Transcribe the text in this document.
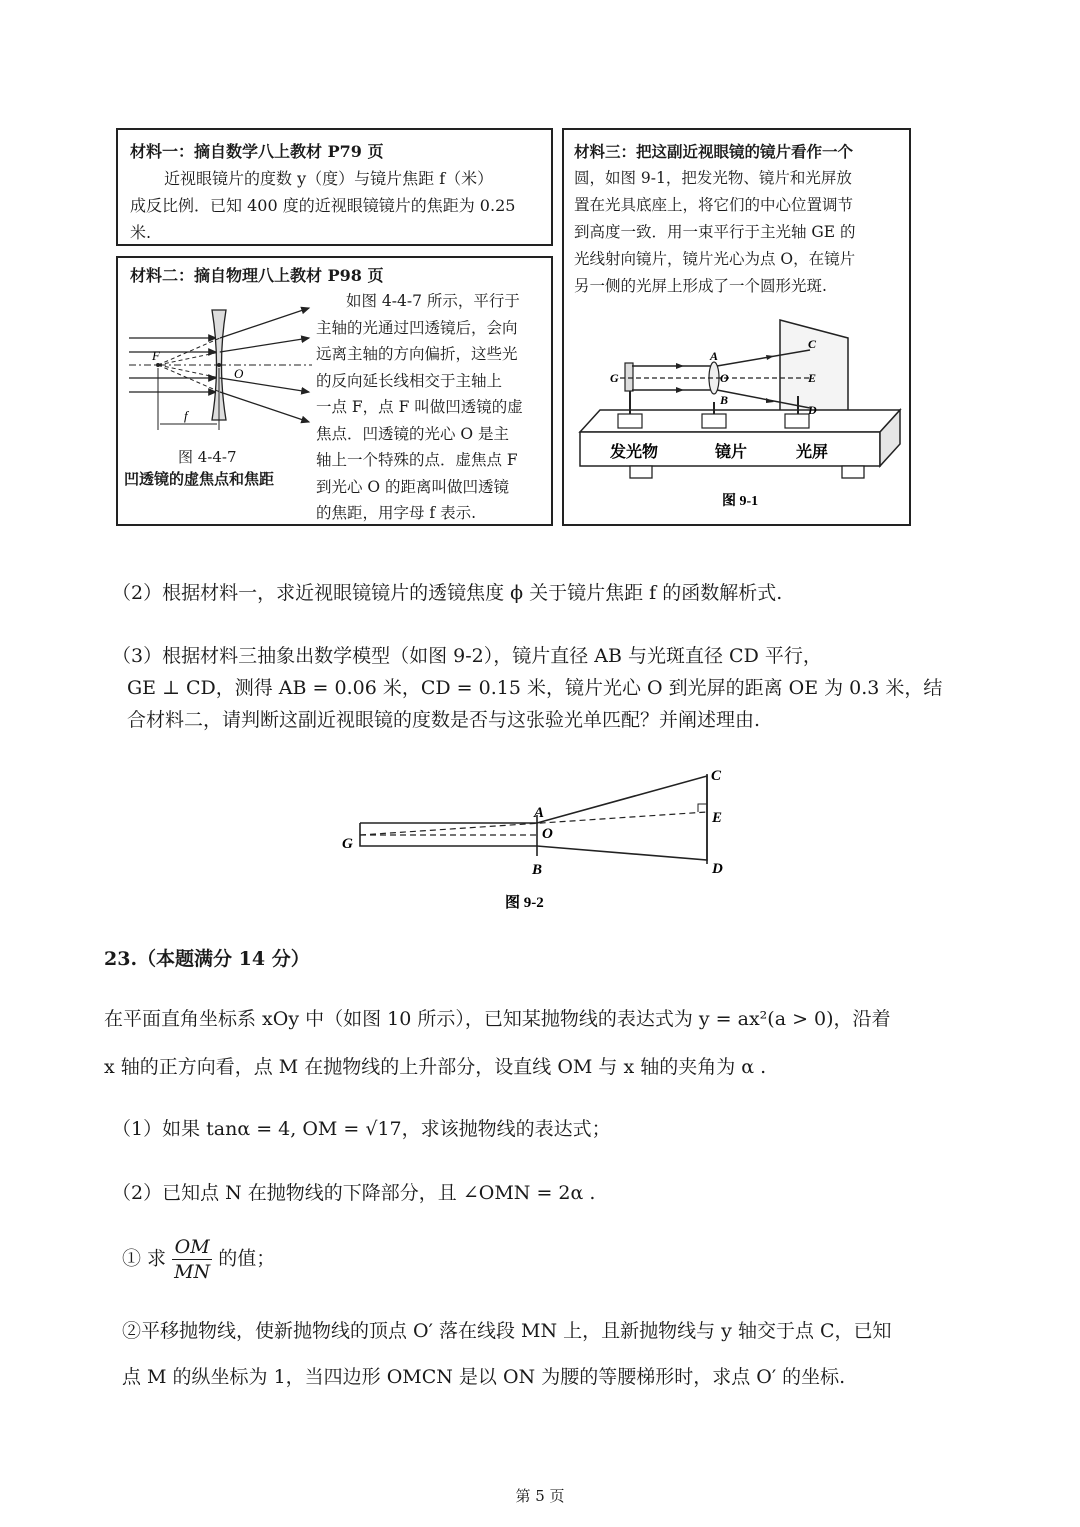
材料一：摘自数学八上教材 P79 页
近视眼镜片的度数 y（度）与镜片焦距 f（米）
成反比例．已知 400 度的近视眼镜镜片的焦距为 0.25
米.
材料二：摘自物理八上教材 P98 页
如图 4-4-7 所示，平行于
主轴的光通过凹透镜后，会向
远离主轴的方向偏折，这些光
的反向延长线相交于主轴上
一点 F，点 F 叫做凹透镜的虚
焦点．凹透镜的光心 O 是主
轴上一个特殊的点．虚焦点 F
到光心 O 的距离叫做凹透镜
的焦距，用字母 f 表示.
F
O
f
图 4-4-7
凹透镜的虚焦点和焦距
材料三：把这副近视眼镜的镜片看作一个
圆，如图 9-1，把发光物、镜片和光屏放
置在光具底座上，将它们的中心位置调节
到高度一致．用一束平行于主光轴 GE 的
光线射向镜片，镜片光心为点 O，在镜片
另一侧的光屏上形成了一个圆形光斑.
G
A
O
B
C
E
D
发光物	镜片	光屏
图 9-1
（2）根据材料一，求近视眼镜镜片的透镜焦度 ϕ 关于镜片焦距 f 的函数解析式.
（3）根据材料三抽象出数学模型（如图 9-2），镜片直径 AB 与光斑直径 CD 平行，
GE ⊥ CD，测得 AB = 0.06 米，CD = 0.15 米，镜片光心 O 到光屏的距离 OE 为 0.3 米，结
合材料二，请判断这副近视眼镜的度数是否与这张验光单匹配？并阐述理由.
G
A
O
B
C
E
D
图 9-2
23.（本题满分 14 分）
在平面直角坐标系 xOy 中（如图 10 所示），已知某抛物线的表达式为 y = ax²(a > 0)，沿着
x 轴的正方向看，点 M 在抛物线的上升部分，设直线 OM 与 x 轴的夹角为 α .
（1）如果 tanα = 4, OM = √17，求该抛物线的表达式；
（2）已知点 N 在抛物线的下降部分，且 ∠OMN = 2α .
① 求 $\frac{OM}{MN}$ 的值；
②平移抛物线，使新抛物线的顶点 O′ 落在线段 MN 上，且新抛物线与 y 轴交于点 C，已知
点 M 的纵坐标为 1，当四边形 OMCN 是以 ON 为腰的等腰梯形时，求点 O′ 的坐标.
第 5 页
